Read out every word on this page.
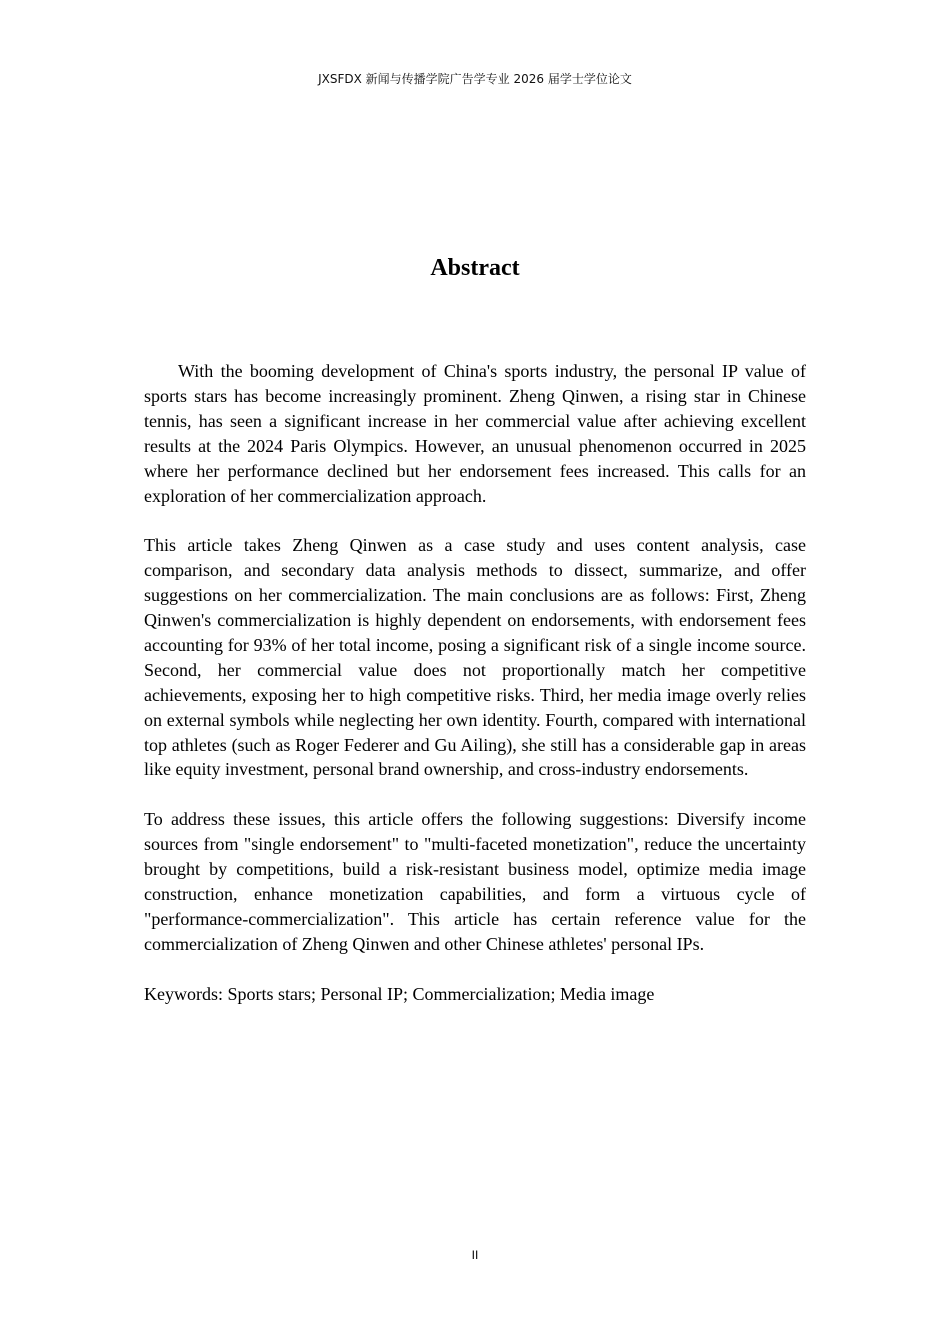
JXSFDX 新闻与传播学院广告学专业 2026 届学士学位论文
Abstract

With the booming development of China's sports industry, the personal IP value of sports stars has become increasingly prominent. Zheng Qinwen, a rising star in Chinese tennis, has seen a significant increase in her commercial value after achieving excellent results at the 2024 Paris Olympics. However, an unusual phenomenon occurred in 2025 where her performance declined but her endorsement fees increased. This calls for an exploration of her commercialization approach.

This article takes Zheng Qinwen as a case study and uses content analysis, case comparison, and secondary data analysis methods to dissect, summarize, and offer suggestions on her commercialization. The main conclusions are as follows: First, Zheng Qinwen's commercialization is highly dependent on endorsements, with endorsement fees accounting for 93% of her total income, posing a significant risk of a single income source. Second, her commercial value does not proportionally match her competitive achievements, exposing her to high competitive risks. Third, her media image overly relies on external symbols while neglecting her own identity. Fourth, compared with international top athletes (such as Roger Federer and Gu Ailing), she still has a considerable gap in areas like equity investment, personal brand ownership, and cross-industry endorsements.

To address these issues, this article offers the following suggestions: Diversify income sources from "single endorsement" to "multi-faceted monetization", reduce the uncertainty brought by competitions, build a risk-resistant business model, optimize media image construction, enhance monetization capabilities, and form a virtuous cycle of "performance-commercialization". This article has certain reference value for the commercialization of Zheng Qinwen and other Chinese athletes' personal IPs.

Keywords: Sports stars; Personal IP; Commercialization; Media image

II
